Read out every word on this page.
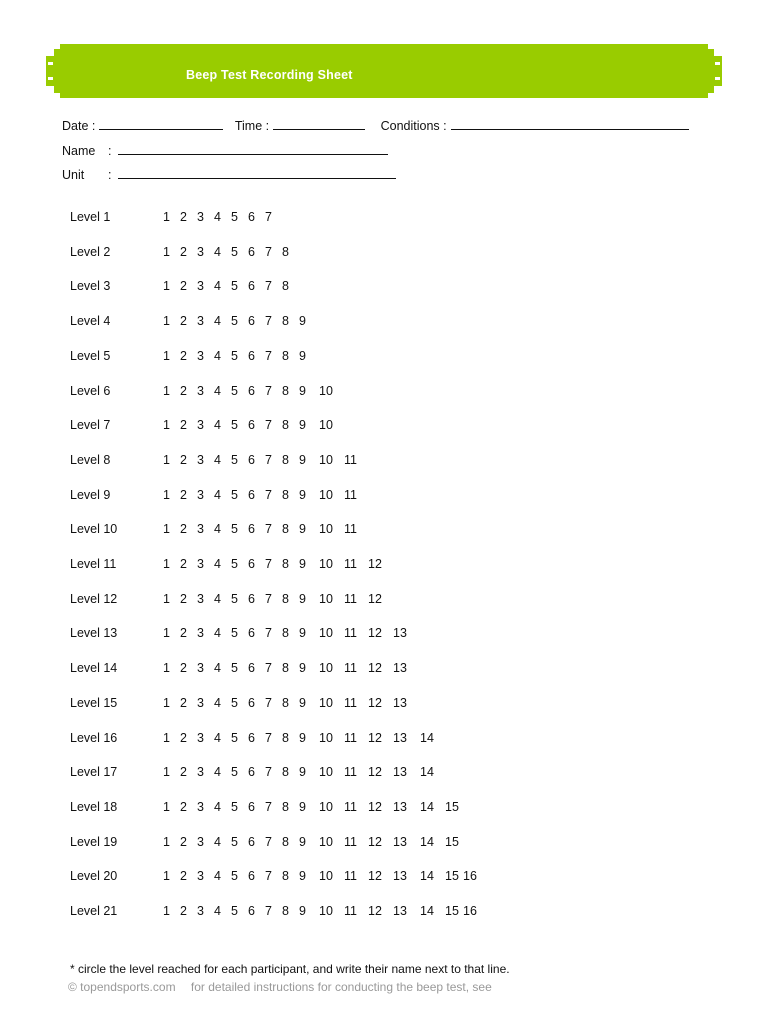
Beep Test Recording Sheet
Date :	Time :	Conditions :
Name :
Unit :
Level 1	1 2 3 4 5 6 7
Level 2	1 2 3 4 5 6 7 8
Level 3	1 2 3 4 5 6 7 8
Level 4	1 2 3 4 5 6 7 8 9
Level 5	1 2 3 4 5 6 7 8 9
Level 6	1 2 3 4 5 6 7 8 9 10
Level 7	1 2 3 4 5 6 7 8 9 10
Level 8	1 2 3 4 5 6 7 8 9 10 11
Level 9	1 2 3 4 5 6 7 8 9 10 11
Level 10	1 2 3 4 5 6 7 8 9 10 11
Level 11	1 2 3 4 5 6 7 8 9 10 11 12
Level 12	1 2 3 4 5 6 7 8 9 10 11 12
Level 13	1 2 3 4 5 6 7 8 9 10 11 12 13
Level 14	1 2 3 4 5 6 7 8 9 10 11 12 13
Level 15	1 2 3 4 5 6 7 8 9 10 11 12 13
Level 16	1 2 3 4 5 6 7 8 9 10 11 12 13 14
Level 17	1 2 3 4 5 6 7 8 9 10 11 12 13 14
Level 18	1 2 3 4 5 6 7 8 9 10 11 12 13 14 15
Level 19	1 2 3 4 5 6 7 8 9 10 11 12 13 14 15
Level 20	1 2 3 4 5 6 7 8 9 10 11 12 13 14 15 16
Level 21	1 2 3 4 5 6 7 8 9 10 11 12 13 14 15 16
* circle the level reached for each participant, and write their name next to that line.
© topendsports.com for detailed instructions for conducting the beep test, see
